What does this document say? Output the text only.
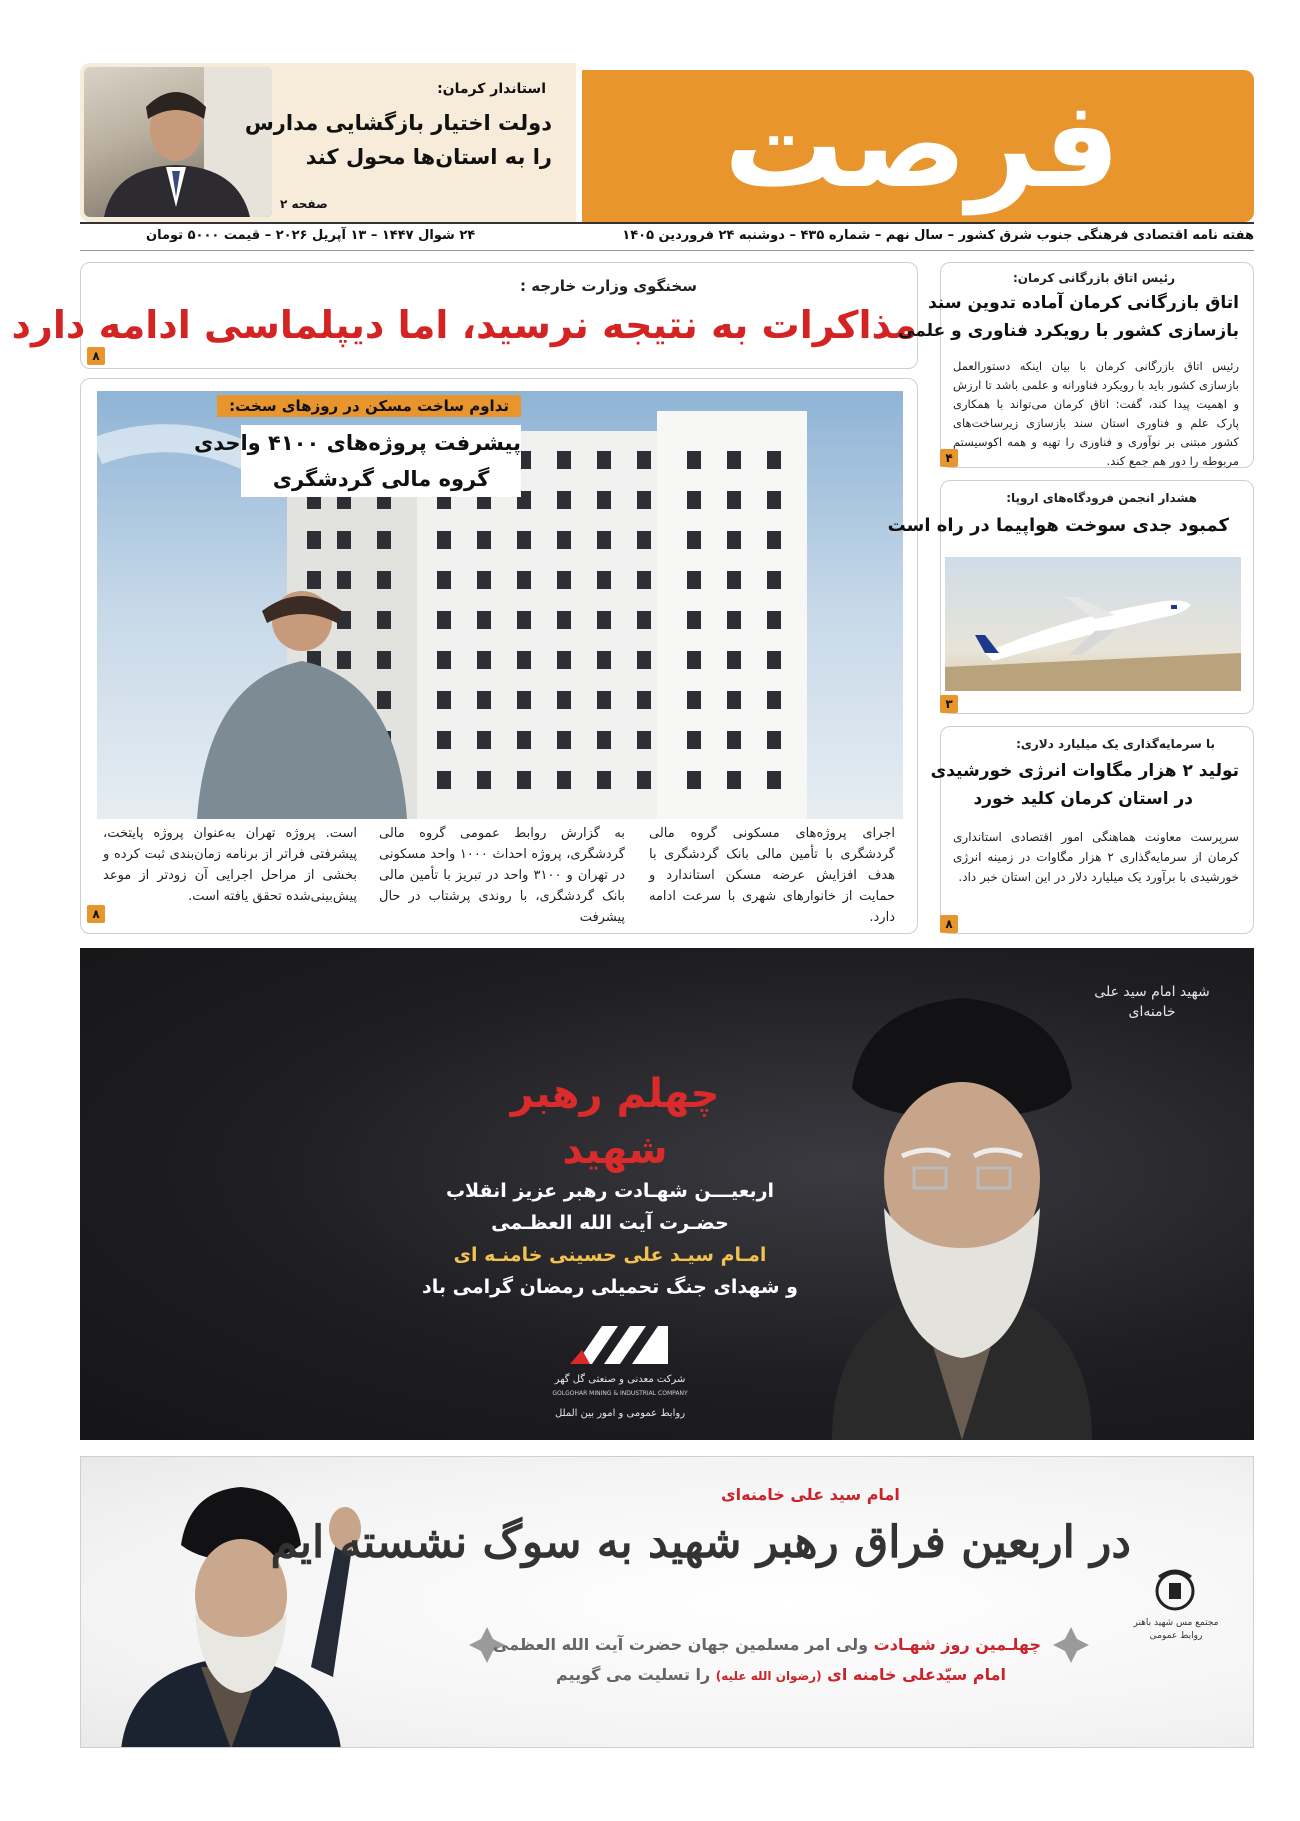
فرصت
استاندار کرمان:
دولت اختیار بازگشایی مدارس
را به استان‌ها محول کند
صفحه ۲
هفته نامه اقتصادی فرهنگی جنوب شرق کشور – سال نهم – شماره ۴۳۵ – دوشنبه ۲۴ فروردین ۱۴۰۵
۲۴ شوال ۱۴۴۷ – ۱۳ آپریل ۲۰۲۶ – قیمت ۵۰۰۰ تومان
سخنگوی وزارت خارجه :
مذاکرات به نتیجه نرسید، اما دیپلماسی ادامه دارد
۸
تداوم ساخت مسکن در روزهای سخت:
پیشرفت پروژه‌های ۴۱۰۰ واحدی
گروه مالی گردشگری
اجرای پروژه‌های مسکونی گروه مالی گردشگری با تأمین مالی بانک گردشگری با هدف افزایش عرضه مسکن استاندارد و حمایت از خانوارهای شهری با سرعت ادامه دارد.
به گزارش روابط عمومی گروه مالی گردشگری، پروژه احداث ۱۰۰۰ واحد مسکونی در تهران و ۳۱۰۰ واحد در تبریز با تأمین مالی بانک گردشگری، با روندی پرشتاب در حال پیشرفت
است. پروژه تهران به‌عنوان پروژه پایتخت، پیشرفتی فراتر از برنامه زمان‌بندی ثبت کرده و بخشی از مراحل اجرایی آن زودتر از موعد پیش‌بینی‌شده تحقق یافته است.
۸
رئیس اتاق بازرگانی کرمان:
اتاق بازرگانی کرمان آماده تدوین سند
بازسازی کشور با رویکرد فناوری و علمی
رئیس اتاق بازرگانی کرمان با بیان اینکه دستورالعمل بازسازی کشور باید با رویکرد فناورانه و علمی باشد تا ارزش و اهمیت پیدا کند، گفت: اتاق کرمان می‌تواند با همکاری پارک علم و فناوری استان سند بازسازی زیرساخت‌های کشور مبتنی بر نوآوری و فناوری را تهیه و همه اکوسیستم مربوطه را دور هم جمع کند.
۴
هشدار انجمن فرودگاه‌های اروپا:
کمبود جدی سوخت هواپیما در راه است
۳
با سرمایه‌گذاری یک میلیارد دلاری:
تولید ۲ هزار مگاوات انرژی خورشیدی
در استان کرمان کلید خورد
سرپرست معاونت هماهنگی امور اقتصادی استانداری کرمان از سرمایه‌گذاری ۲ هزار مگاوات در زمینه انرژی خورشیدی با برآورد یک میلیارد دلار در این استان خبر داد.
۸
شهید امام سید علی خامنه‌ای
چهلم رهبر شهید
اربعیـــن شهـادت رهبر عزیز انقلاب
حضـرت آیت الله العظـمی
امـام سیـد علی حسینی خامنـه ای
و شهدای جنگ تحمیلی رمضان گرامی باد
شرکت معدنی و صنعتی گل گهر
GOLGOHAR MINING & INDUSTRIAL COMPANY
روابط عمومی و امور بین الملل
امام سید علی خامنه‌ای
در اربعین فراق رهبر شهید به سوگ نشسته ایم
چهلـمین روز شهـادت ولی امر مسلمین جهان حضرت آیت الله العظمی
امام سیّدعلی خامنه ای (رضوان الله علیه) را تسلیت می گوییم
مجتمع مس شهید باهنر روابط عمومی
